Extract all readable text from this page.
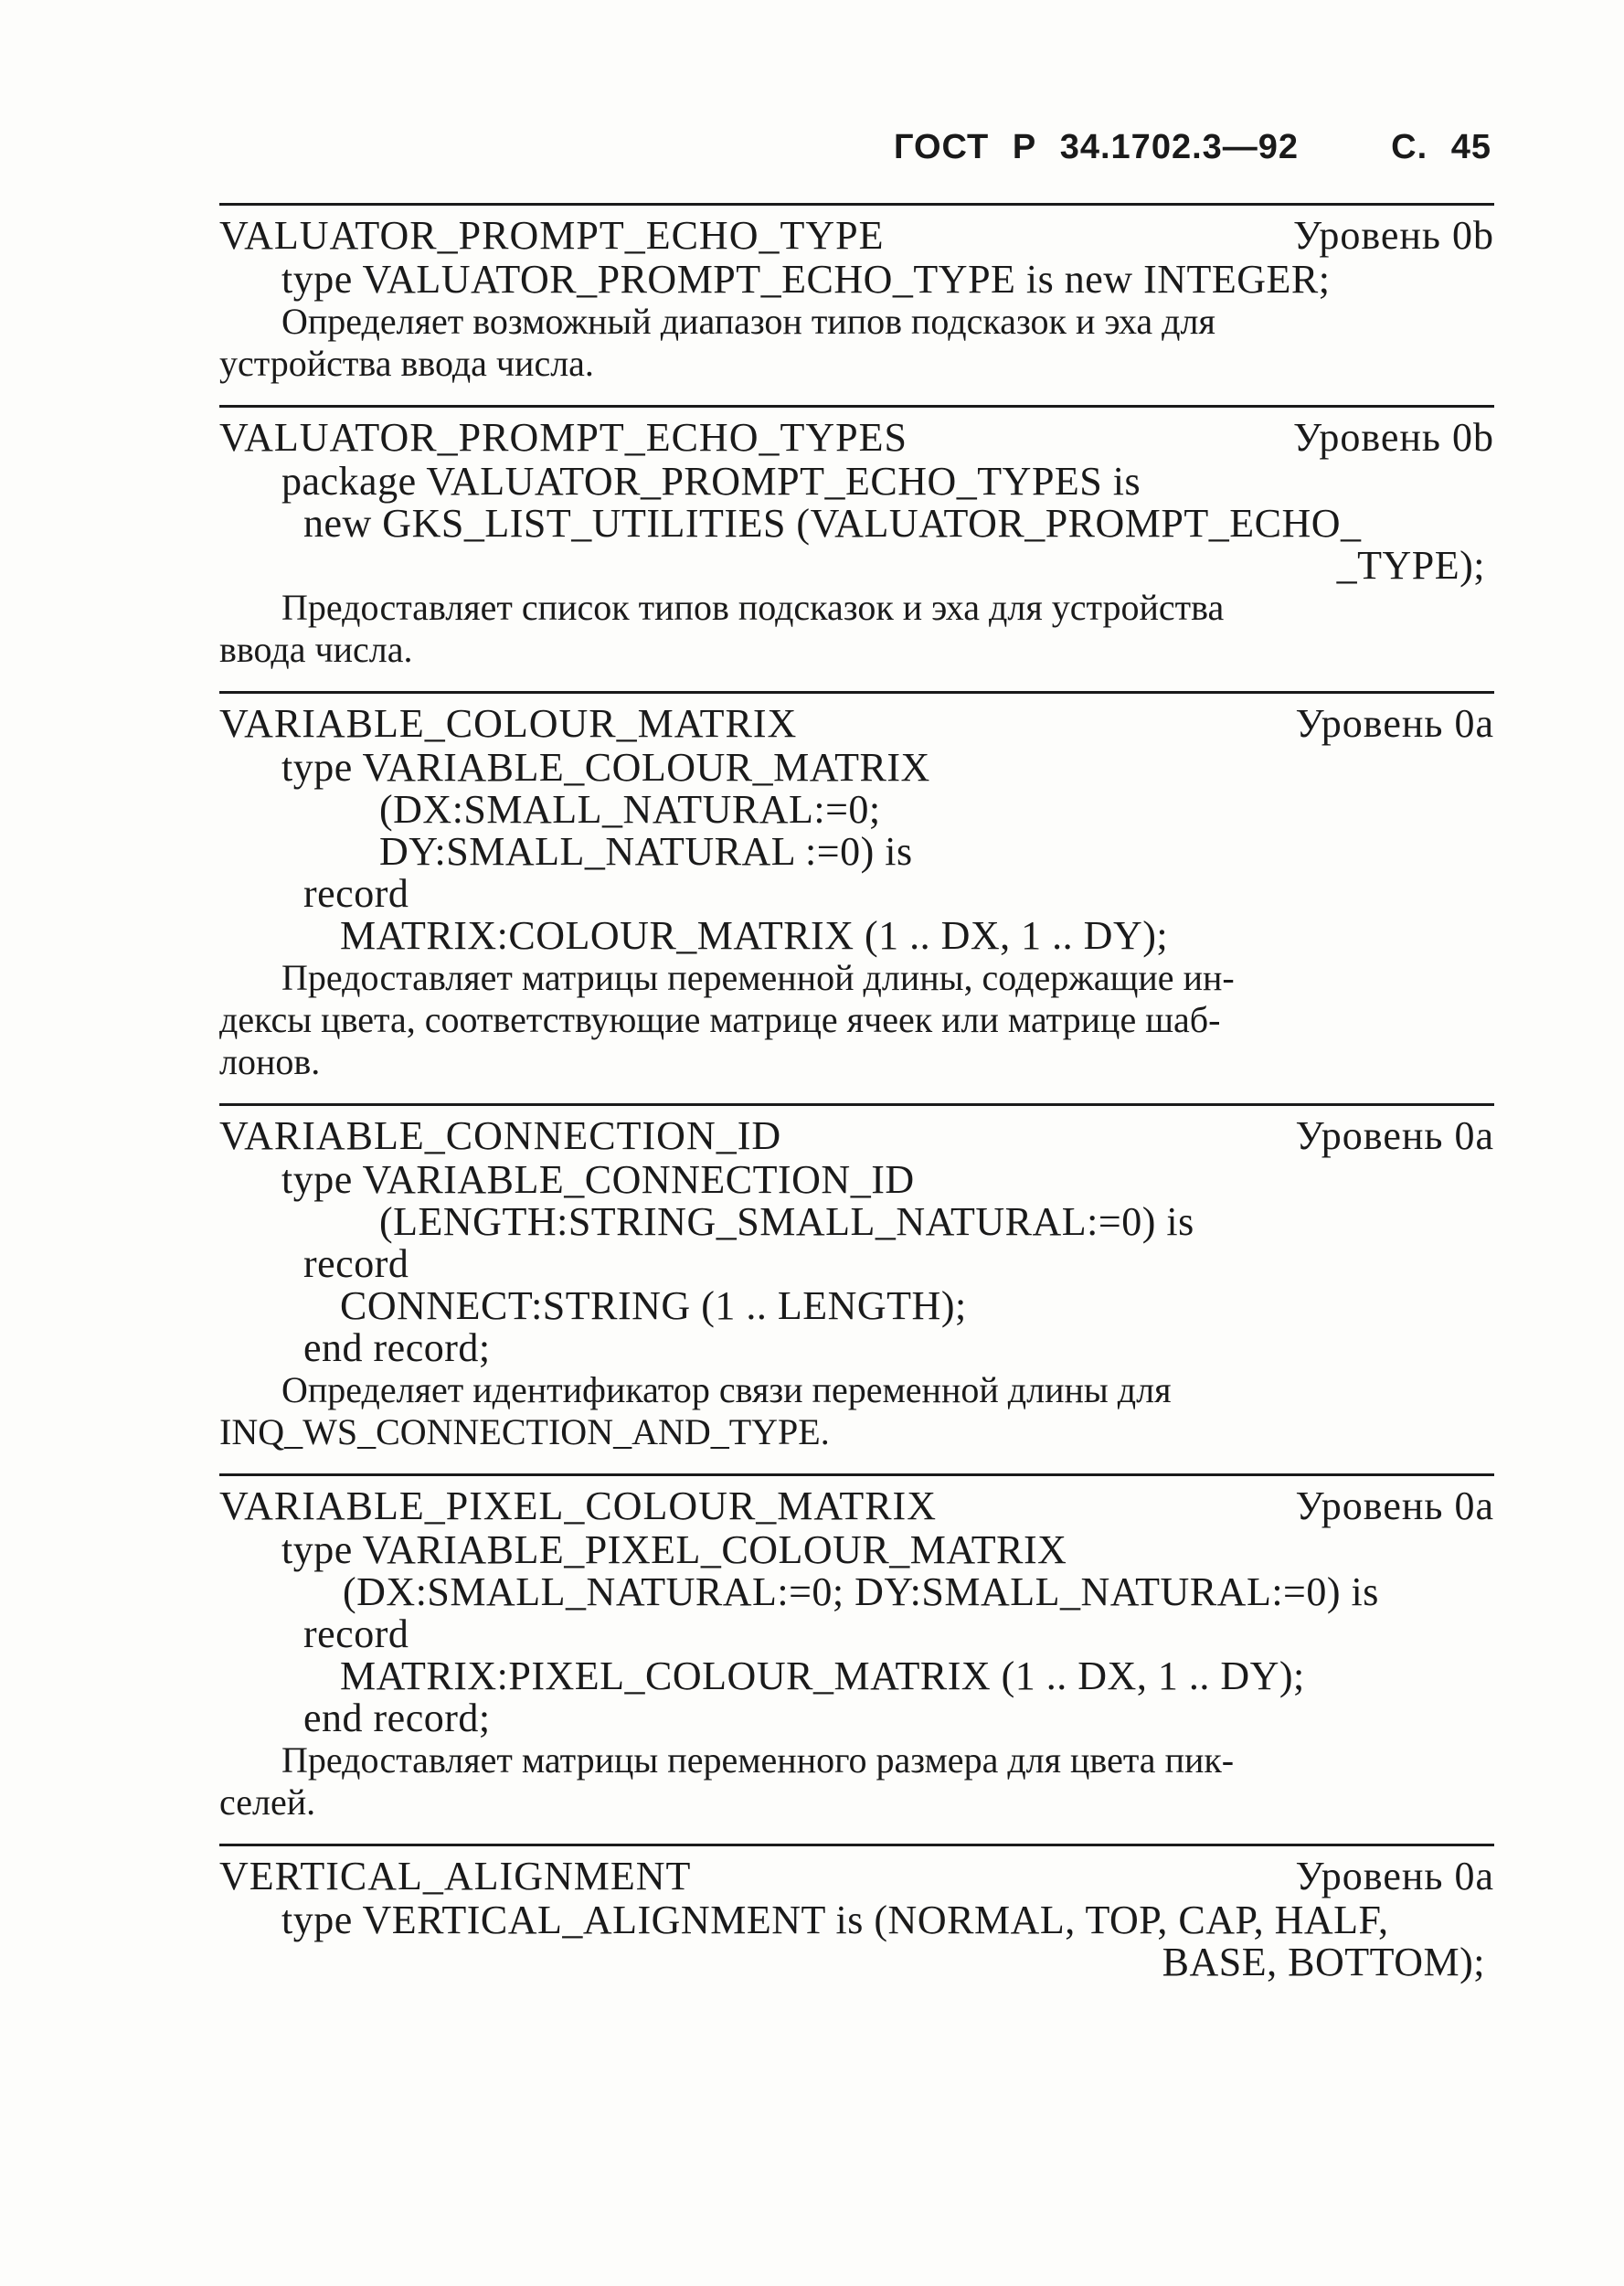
ГОСТ Р 34.1702.3—92	С. 45
VALUATOR_PROMPT_ECHO_TYPE	Уровень 0b
type VALUATOR_PROMPT_ECHO_TYPE is new INTEGER;
Определяет возможный диапазон типов подсказок и эха для
устройства ввода числа.
VALUATOR_PROMPT_ECHO_TYPES	Уровень 0b
package VALUATOR_PROMPT_ECHO_TYPES is
new GKS_LIST_UTILITIES (VALUATOR_PROMPT_ECHO_
_TYPE);
Предоставляет список типов подсказок и эха для устройства
ввода числа.
VARIABLE_COLOUR_MATRIX	Уровень 0а
type VARIABLE_COLOUR_MATRIX
(DX:SMALL_NATURAL:=0;
DY:SMALL_NATURAL :=0) is
record
MATRIX:COLOUR_MATRIX (1 .. DX, 1 .. DY);
Предоставляет матрицы переменной длины, содержащие ин-
дексы цвета, соответствующие матрице ячеек или матрице шаб-
лонов.
VARIABLE_CONNECTION_ID	Уровень 0а
type VARIABLE_CONNECTION_ID
(LENGTH:STRING_SMALL_NATURAL:=0) is
record
CONNECT:STRING (1 .. LENGTH);
end record;
Определяет идентификатор связи переменной длины для
INQ_WS_CONNECTION_AND_TYPE.
VARIABLE_PIXEL_COLOUR_MATRIX	Уровень 0а
type VARIABLE_PIXEL_COLOUR_MATRIX
(DX:SMALL_NATURAL:=0; DY:SMALL_NATURAL:=0) is
record
MATRIX:PIXEL_COLOUR_MATRIX (1 .. DX, 1 .. DY);
end record;
Предоставляет матрицы переменного размера для цвета пик-
селей.
VERTICAL_ALIGNMENT	Уровень 0а
type VERTICAL_ALIGNMENT is (NORMAL, TOP, CAP, HALF,
BASE, BOTTOM);
